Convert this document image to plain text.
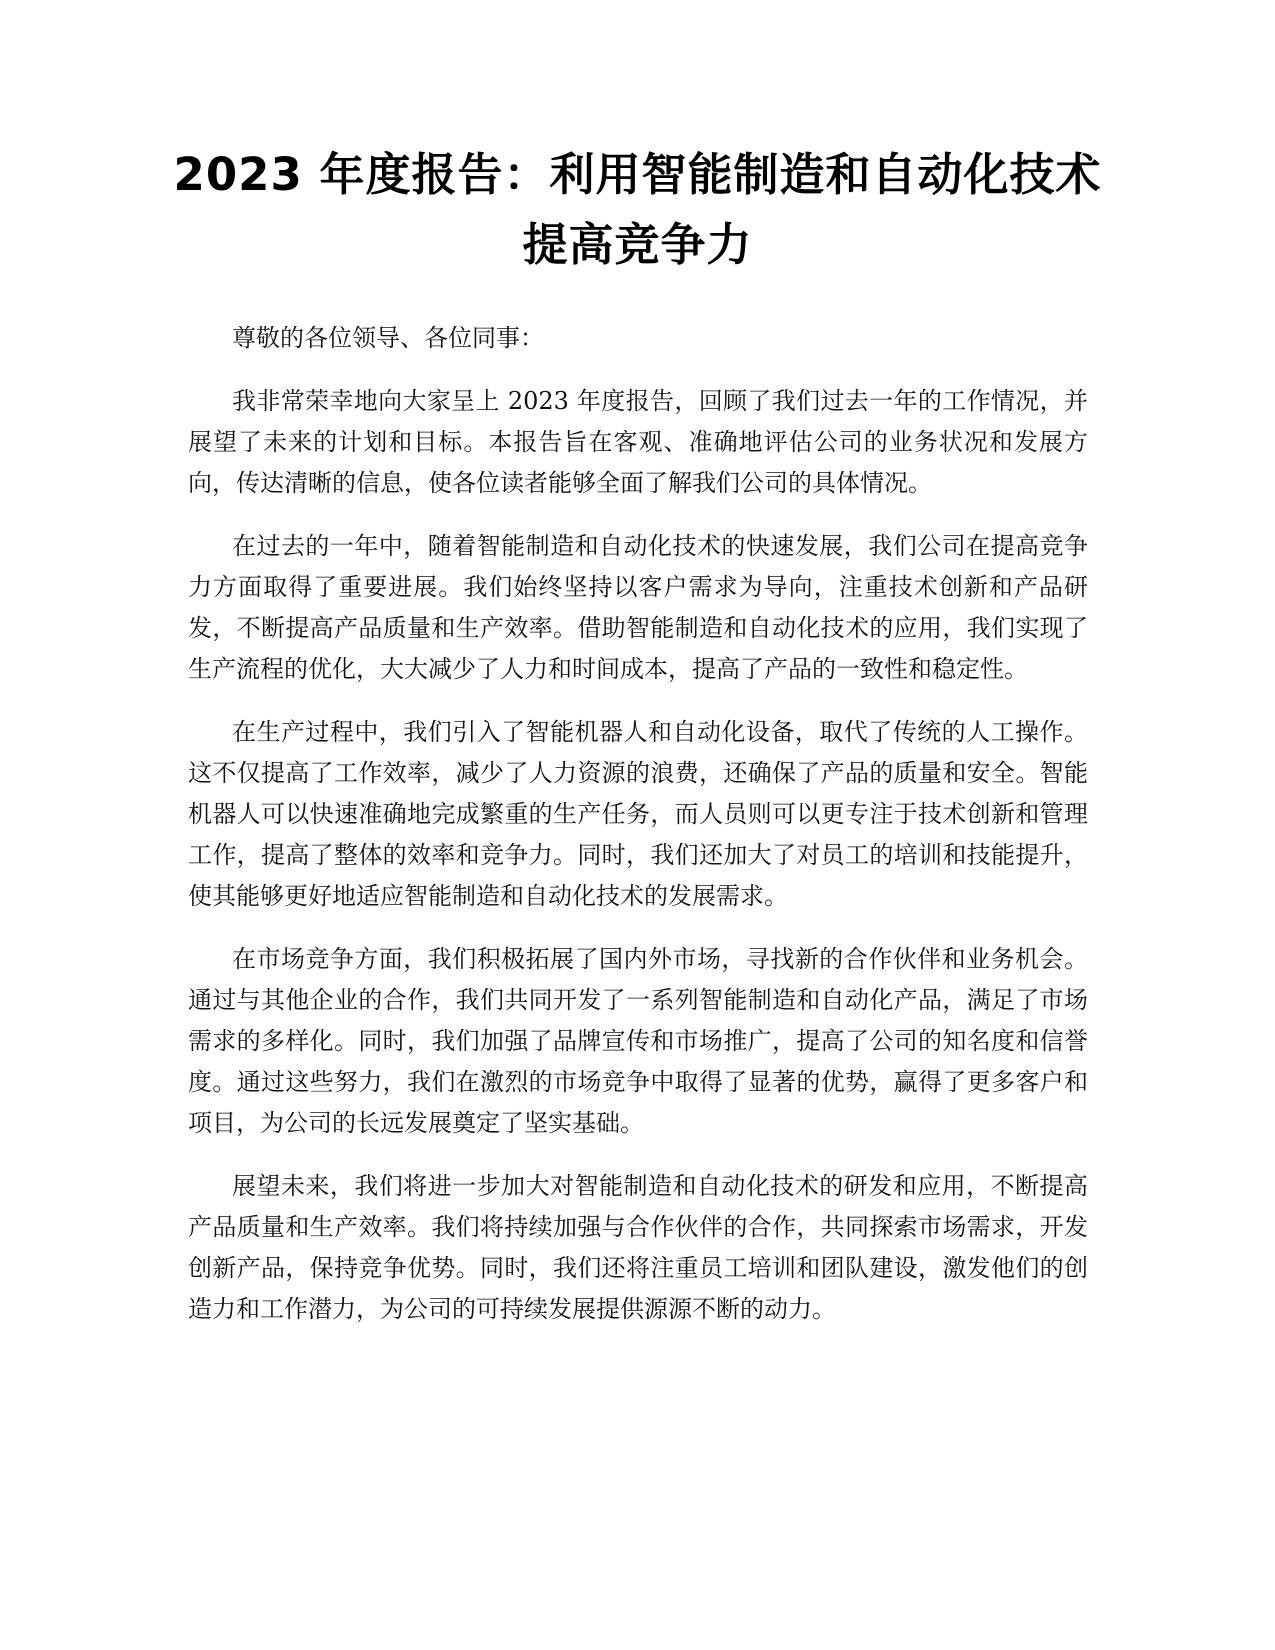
2023 年度报告：利用智能制造和自动化技术
提高竞争力

尊敬的各位领导、各位同事：

我非常荣幸地向大家呈上 2023 年度报告，回顾了我们过去一年的工作情况，并展望了未来的计划和目标。本报告旨在客观、准确地评估公司的业务状况和发展方向，传达清晰的信息，使各位读者能够全面了解我们公司的具体情况。

在过去的一年中，随着智能制造和自动化技术的快速发展，我们公司在提高竞争力方面取得了重要进展。我们始终坚持以客户需求为导向，注重技术创新和产品研发，不断提高产品质量和生产效率。借助智能制造和自动化技术的应用，我们实现了生产流程的优化，大大减少了人力和时间成本，提高了产品的一致性和稳定性。

在生产过程中，我们引入了智能机器人和自动化设备，取代了传统的人工操作。这不仅提高了工作效率，减少了人力资源的浪费，还确保了产品的质量和安全。智能机器人可以快速准确地完成繁重的生产任务，而人员则可以更专注于技术创新和管理工作，提高了整体的效率和竞争力。同时，我们还加大了对员工的培训和技能提升，使其能够更好地适应智能制造和自动化技术的发展需求。

在市场竞争方面，我们积极拓展了国内外市场，寻找新的合作伙伴和业务机会。通过与其他企业的合作，我们共同开发了一系列智能制造和自动化产品，满足了市场需求的多样化。同时，我们加强了品牌宣传和市场推广，提高了公司的知名度和信誉度。通过这些努力，我们在激烈的市场竞争中取得了显著的优势，赢得了更多客户和项目，为公司的长远发展奠定了坚实基础。

展望未来，我们将进一步加大对智能制造和自动化技术的研发和应用，不断提高产品质量和生产效率。我们将持续加强与合作伙伴的合作，共同探索市场需求，开发创新产品，保持竞争优势。同时，我们还将注重员工培训和团队建设，激发他们的创造力和工作潜力，为公司的可持续发展提供源源不断的动力。
